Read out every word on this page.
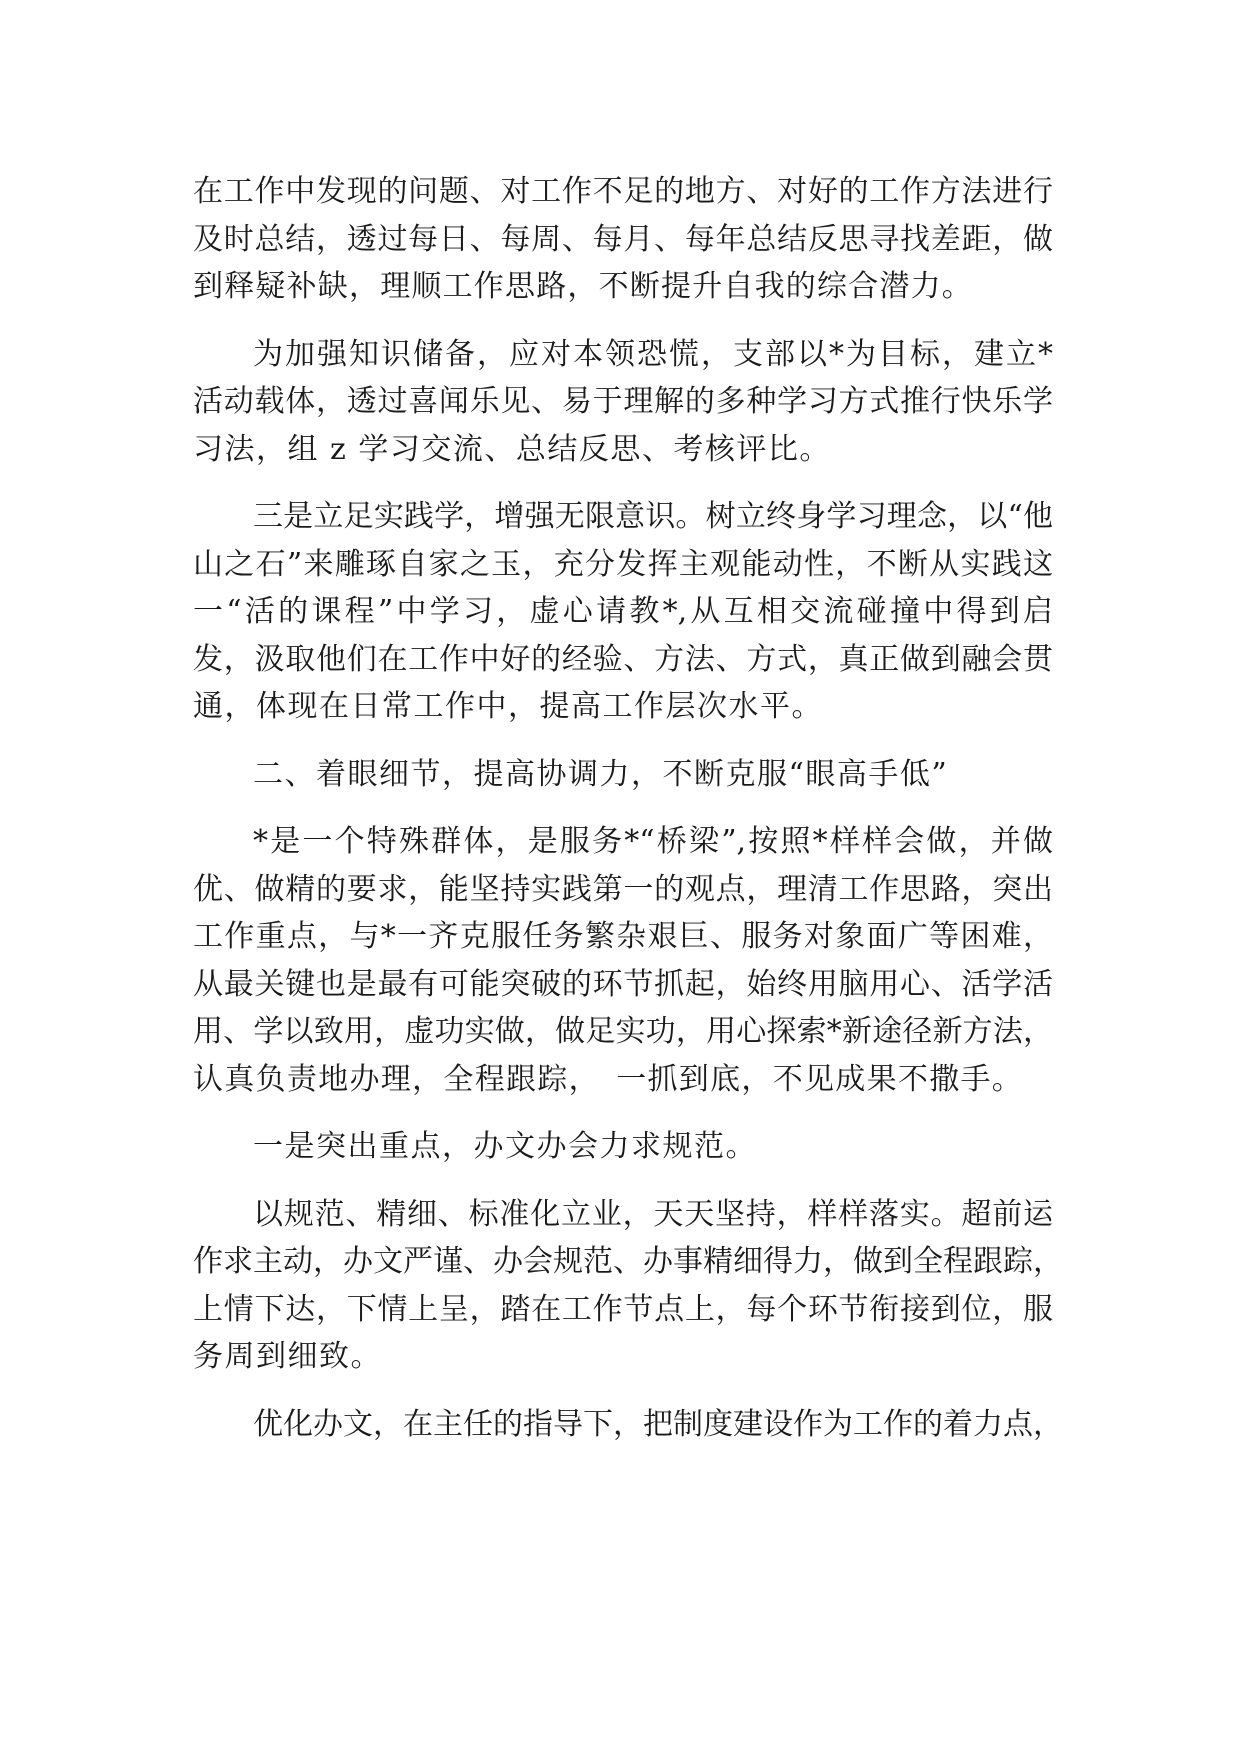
在工作中发现的问题、对工作不足的地方、对好的工作方法进行
及时总结，透过每日、每周、每月、每年总结反思寻找差距，做
到释疑补缺，理顺工作思路，不断提升自我的综合潜力。
为加强知识储备，应对本领恐慌，支部以*为目标，建立*
活动载体，透过喜闻乐见、易于理解的多种学习方式推行快乐学
习法，组 z 学习交流、总结反思、考核评比。
三是立足实践学，增强无限意识。树立终身学习理念，以“他
山之石”来雕琢自家之玉，充分发挥主观能动性，不断从实践这
一“活的课程”中学习，虚心请教*,从互相交流碰撞中得到启
发，汲取他们在工作中好的经验、方法、方式，真正做到融会贯
通，体现在日常工作中，提高工作层次水平。
二、着眼细节，提高协调力，不断克服“眼高手低”
*是一个特殊群体，是服务*“桥梁”,按照*样样会做，并做
优、做精的要求，能坚持实践第一的观点，理清工作思路，突出
工作重点，与*一齐克服任务繁杂艰巨、服务对象面广等困难，
从最关键也是最有可能突破的环节抓起，始终用脑用心、活学活
用、学以致用，虚功实做，做足实功，用心探索*新途径新方法，
认真负责地办理，全程跟踪，　一抓到底，不见成果不撒手。
一是突出重点，办文办会力求规范。
以规范、精细、标准化立业，天天坚持，样样落实。超前运
作求主动，办文严谨、办会规范、办事精细得力，做到全程跟踪，
上情下达，下情上呈，踏在工作节点上，每个环节衔接到位，服
务周到细致。
优化办文，在主任的指导下，把制度建设作为工作的着力点，
